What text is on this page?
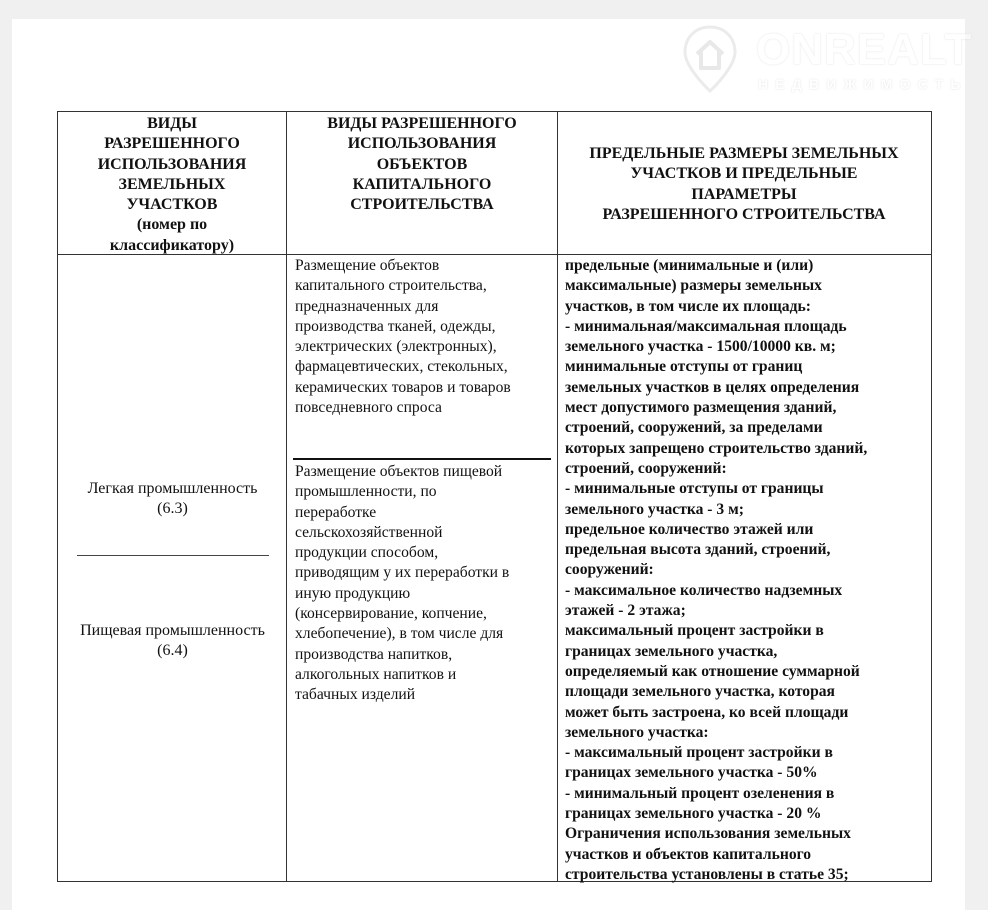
ONREALT
НЕДВИЖИМОСТЬ
ВИДЫ
РАЗРЕШЕННОГО
ИСПОЛЬЗОВАНИЯ
ЗЕМЕЛЬНЫХ
УЧАСТКОВ
(номер по
классификатору)
ВИДЫ РАЗРЕШЕННОГО
ИСПОЛЬЗОВАНИЯ
ОБЪЕКТОВ
КАПИТАЛЬНОГО
СТРОИТЕЛЬСТВА
ПРЕДЕЛЬНЫЕ РАЗМЕРЫ ЗЕМЕЛЬНЫХ
УЧАСТКОВ И ПРЕДЕЛЬНЫЕ
ПАРАМЕТРЫ
РАЗРЕШЕННОГО СТРОИТЕЛЬСТВА
Легкая промышленность
(6.3)
Пищевая промышленность
(6.4)
Размещение объектов
капитального строительства,
предназначенных для
производства тканей, одежды,
электрических (электронных),
фармацевтических, стекольных,
керамических товаров и товаров
повседневного спроса
Размещение объектов пищевой
промышленности, по
переработке
сельскохозяйственной
продукции способом,
приводящим у их переработки в
иную продукцию
(консервирование, копчение,
хлебопечение), в том числе для
производства напитков,
алкогольных напитков и
табачных изделий
предельные (минимальные и (или)
максимальные) размеры земельных
участков, в том числе их площадь:
- минимальная/максимальная площадь
земельного участка - 1500/10000 кв. м;
минимальные отступы от границ
земельных участков в целях определения
мест допустимого размещения зданий,
строений, сооружений, за пределами
которых запрещено строительство зданий,
строений, сооружений:
- минимальные отступы от границы
земельного участка - 3 м;
предельное количество этажей или
предельная высота зданий, строений,
сооружений:
- максимальное количество надземных
этажей - 2 этажа;
максимальный процент застройки в
границах земельного участка,
определяемый как отношение суммарной
площади земельного участка, которая
может быть застроена, ко всей площади
земельного участка:
- максимальный процент застройки в
границах земельного участка - 50%
- минимальный процент озеленения в
границах земельного участка - 20 %
Ограничения использования земельных
участков и объектов капитального
строительства установлены в статье 35;
